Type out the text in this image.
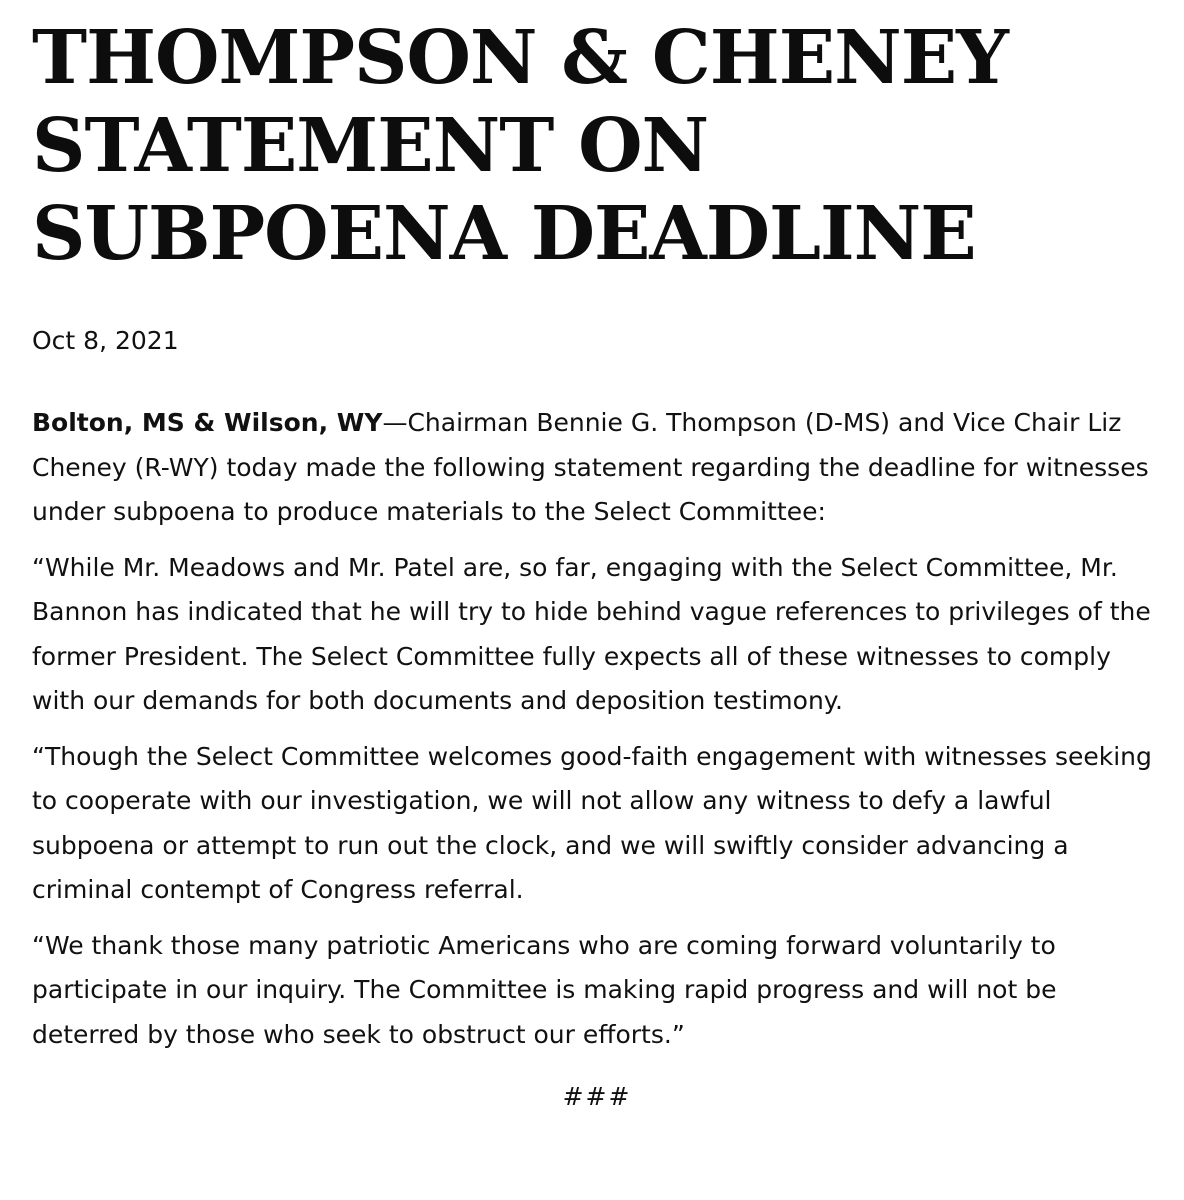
THOMPSON & CHENEY
STATEMENT ON
SUBPOENA DEADLINE
Oct 8, 2021

Bolton, MS & Wilson, WY—Chairman Bennie G. Thompson (D-MS) and Vice Chair Liz Cheney (R-WY) today made the following statement regarding the deadline for witnesses under subpoena to produce materials to the Select Committee:

“While Mr. Meadows and Mr. Patel are, so far, engaging with the Select Committee, Mr. Bannon has indicated that he will try to hide behind vague references to privileges of the former President. The Select Committee fully expects all of these witnesses to comply with our demands for both documents and deposition testimony.

“Though the Select Committee welcomes good-faith engagement with witnesses seeking to cooperate with our investigation, we will not allow any witness to defy a lawful subpoena or attempt to run out the clock, and we will swiftly consider advancing a criminal contempt of Congress referral.

“We thank those many patriotic Americans who are coming forward voluntarily to participate in our inquiry. The Committee is making rapid progress and will not be deterred by those who seek to obstruct our efforts.”

###
